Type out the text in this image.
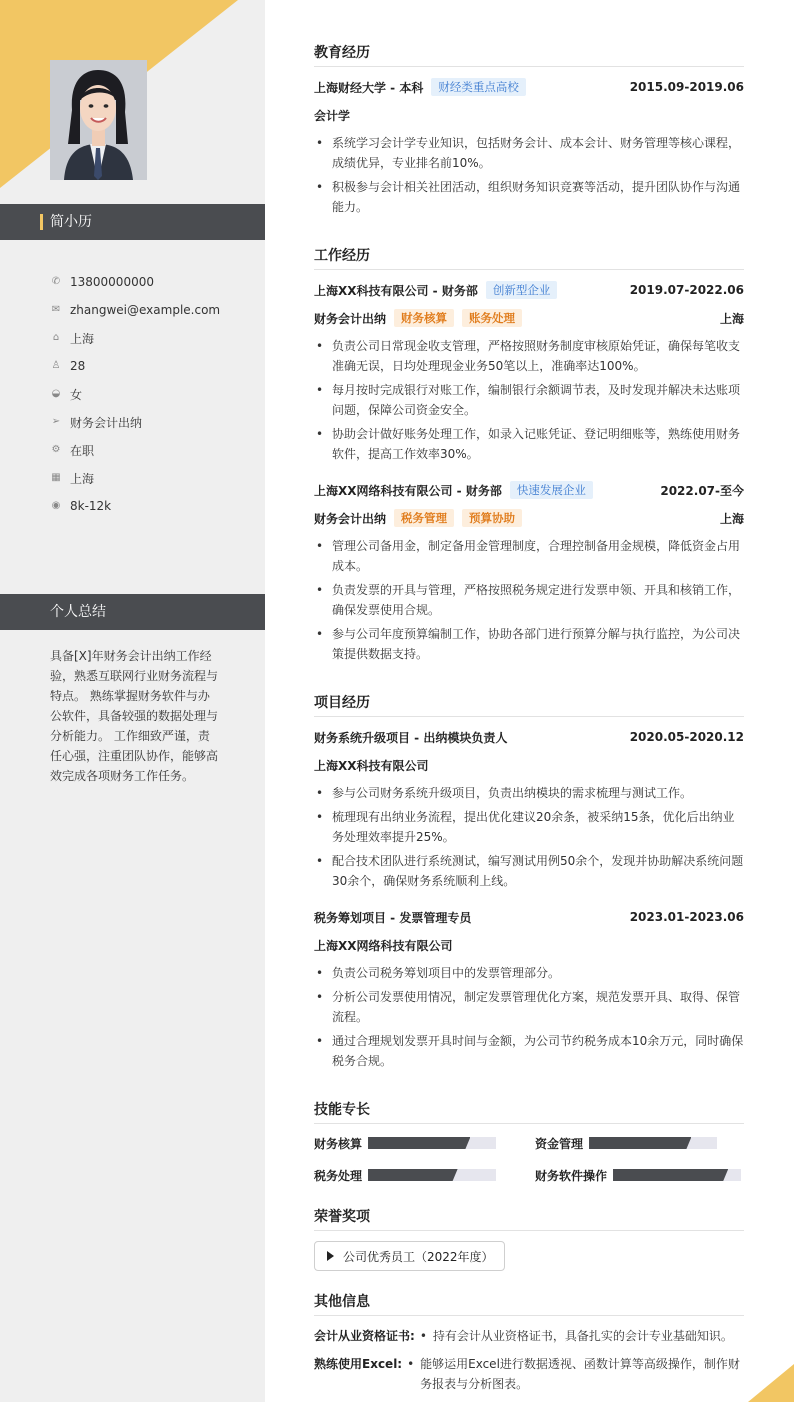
简小历
✆ 13800000000
✉ zhangwei@example.com
⌂ 上海
♙ 28
◒ 女
➢ 财务会计出纳
⚙ 在职
▦ 上海
◉ 8k-12k
个人总结
具备[X]年财务会计出纳工作经验，熟悉互联网行业财务流程与特点。 熟练掌握财务软件与办公软件，具备较强的数据处理与分析能力。 工作细致严谨，责任心强，注重团队协作，能够高效完成各项财务工作任务。
教育经历
上海财经大学 - 本科	财经类重点高校	2015.09-2019.06
会计学
• 系统学习会计学专业知识，包括财务会计、成本会计、财务管理等核心课程，成绩优异，专业排名前10%。
• 积极参与会计相关社团活动，组织财务知识竞赛等活动，提升团队协作与沟通能力。
工作经历
上海XX科技有限公司 - 财务部	创新型企业	2019.07-2022.06
财务会计出纳	财务核算	账务处理	上海
• 负责公司日常现金收支管理，严格按照财务制度审核原始凭证，确保每笔收支准确无误，日均处理现金业务50笔以上，准确率达100%。
• 每月按时完成银行对账工作，编制银行余额调节表，及时发现并解决未达账项问题，保障公司资金安全。
• 协助会计做好账务处理工作，如录入记账凭证、登记明细账等，熟练使用财务软件，提高工作效率30%。
上海XX网络科技有限公司 - 财务部	快速发展企业	2022.07-至今
财务会计出纳	税务管理	预算协助	上海
• 管理公司备用金，制定备用金管理制度，合理控制备用金规模，降低资金占用成本。
• 负责发票的开具与管理，严格按照税务规定进行发票申领、开具和核销工作，确保发票使用合规。
• 参与公司年度预算编制工作，协助各部门进行预算分解与执行监控，为公司决策提供数据支持。
项目经历
财务系统升级项目 - 出纳模块负责人	2020.05-2020.12
上海XX科技有限公司
• 参与公司财务系统升级项目，负责出纳模块的需求梳理与测试工作。
• 梳理现有出纳业务流程，提出优化建议20余条，被采纳15条，优化后出纳业务处理效率提升25%。
• 配合技术团队进行系统测试，编写测试用例50余个，发现并协助解决系统问题30余个，确保财务系统顺利上线。
税务筹划项目 - 发票管理专员	2023.01-2023.06
上海XX网络科技有限公司
• 负责公司税务筹划项目中的发票管理部分。
• 分析公司发票使用情况，制定发票管理优化方案，规范发票开具、取得、保管流程。
• 通过合理规划发票开具时间与金额，为公司节约税务成本10余万元，同时确保税务合规。
技能专长
财务核算	资金管理
税务处理	财务软件操作
荣誉奖项
公司优秀员工（2022年度）
其他信息
会计从业资格证书:	• 持有会计从业资格证书，具备扎实的会计专业基础知识。
熟练使用Excel:	• 能够运用Excel进行数据透视、函数计算等高级操作，制作财务报表与分析图表。
